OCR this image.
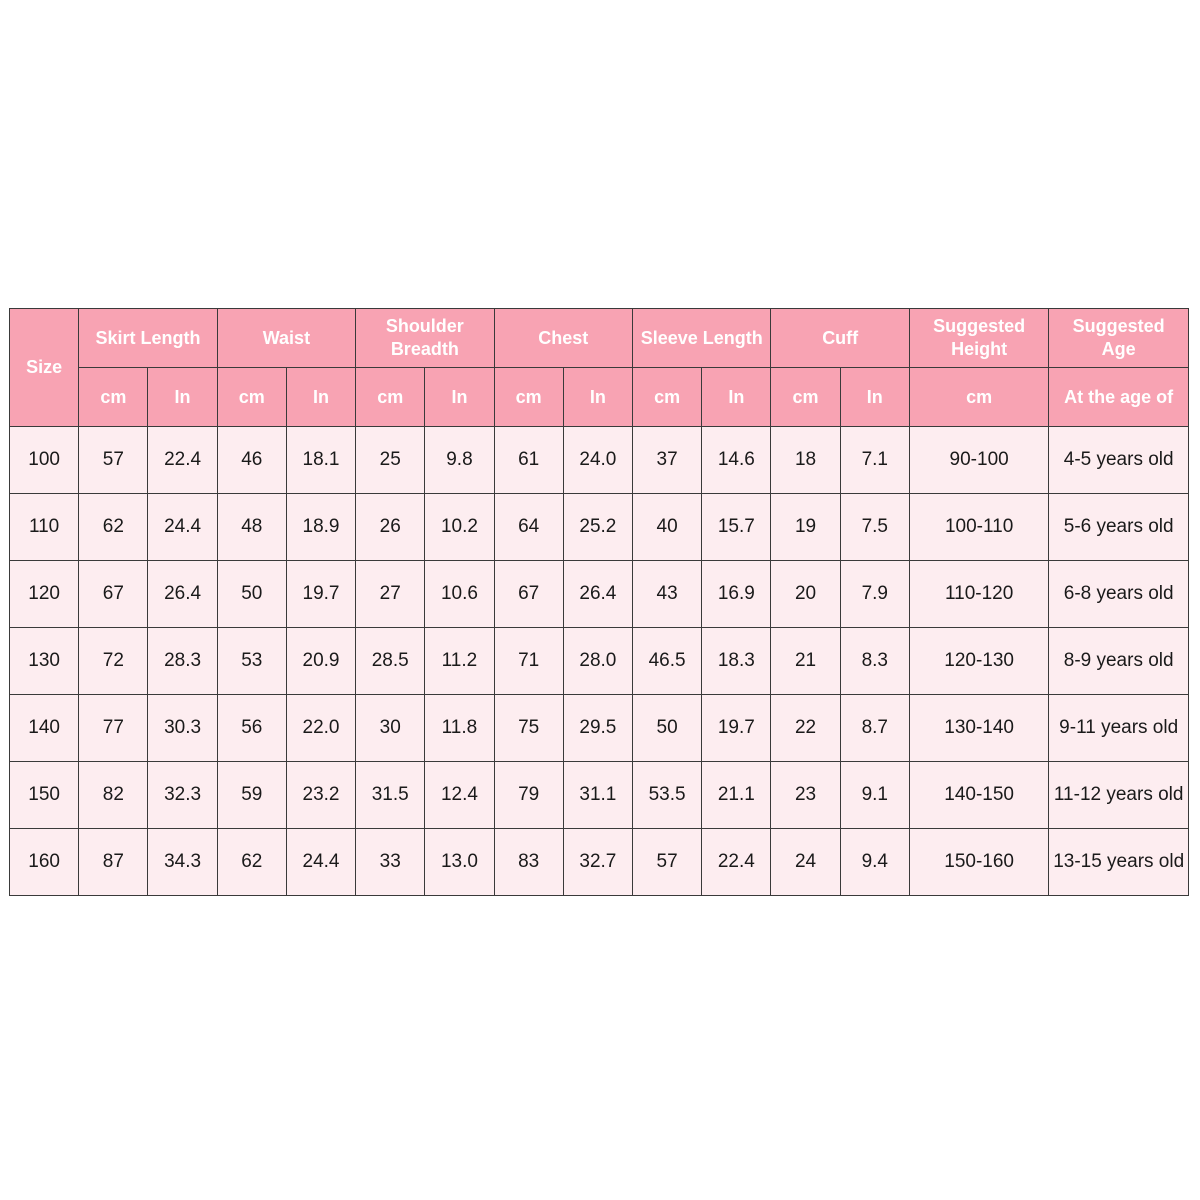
Size	Skirt Length		Waist		Shoulder Breadth		Chest		Sleeve Length		Cuff		Suggested Height	Suggested Age
	cm	In	cm	In	cm	In	cm	In	cm	In	cm	In	cm	At the age of
100	57	22.4	46	18.1	25	9.8	61	24.0	37	14.6	18	7.1	90-100	4-5 years old
110	62	24.4	48	18.9	26	10.2	64	25.2	40	15.7	19	7.5	100-110	5-6 years old
120	67	26.4	50	19.7	27	10.6	67	26.4	43	16.9	20	7.9	110-120	6-8 years old
130	72	28.3	53	20.9	28.5	11.2	71	28.0	46.5	18.3	21	8.3	120-130	8-9 years old
140	77	30.3	56	22.0	30	11.8	75	29.5	50	19.7	22	8.7	130-140	9-11 years old
150	82	32.3	59	23.2	31.5	12.4	79	31.1	53.5	21.1	23	9.1	140-150	11-12 years old
160	87	34.3	62	24.4	33	13.0	83	32.7	57	22.4	24	9.4	150-160	13-15 years old
